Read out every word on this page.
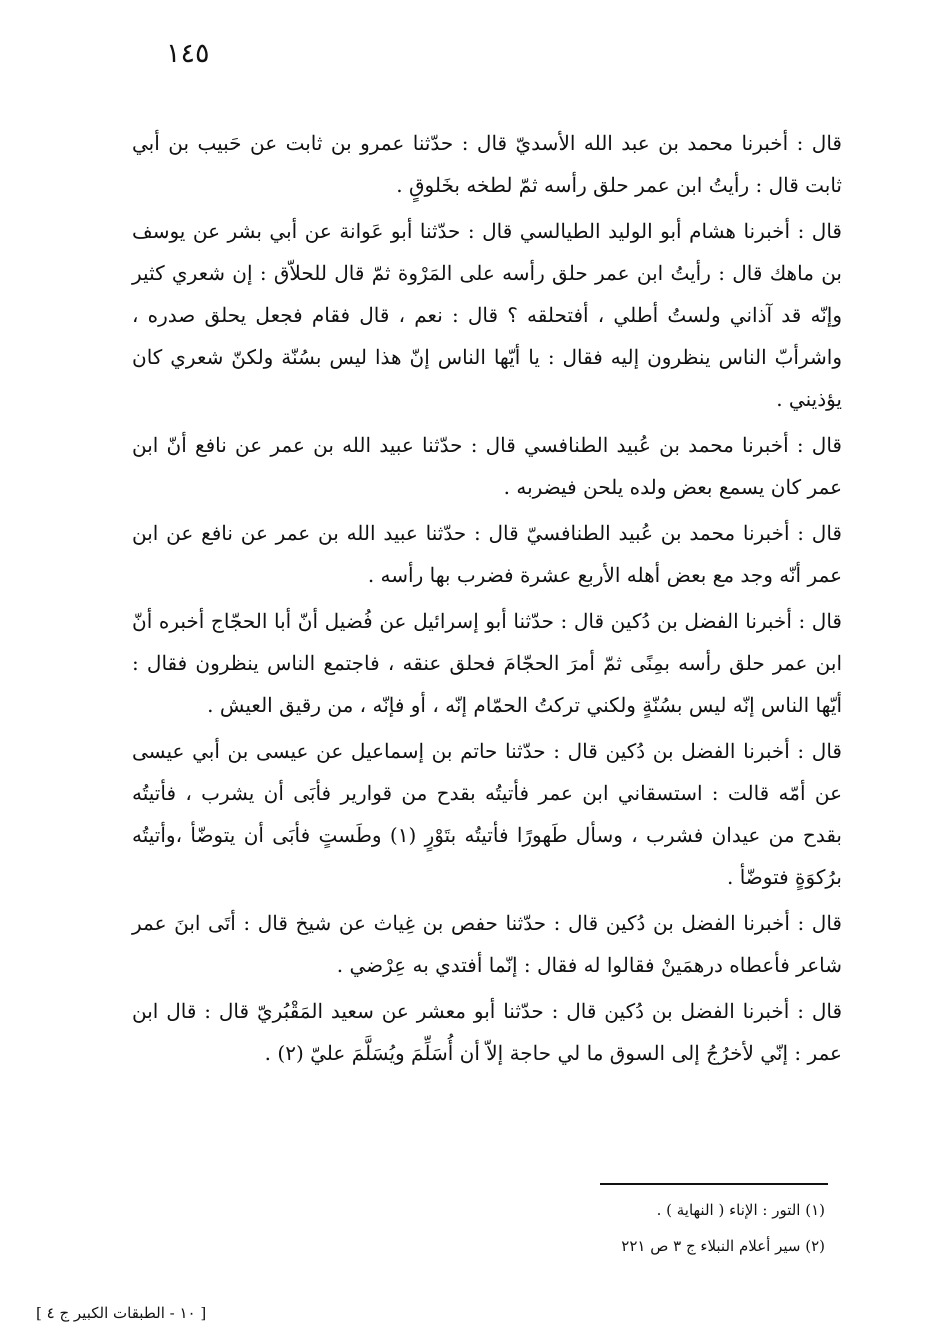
١٤٥

قال : أخبرنا محمد بن عبد الله الأسديّ قال : حدّثنا عمرو بن ثابت عن حَبيب بن أبي ثابت قال : رأيتُ ابن عمر حلق رأسه ثمّ لطخه بخَلوقٍ .

قال : أخبرنا هشام أبو الوليد الطيالسي قال : حدّثنا أبو عَوانة عن أبي بشر عن يوسف بن ماهك قال : رأيتُ ابن عمر حلق رأسه على المَرْوة ثمّ قال للحلاّق : إن شعري كثير وإنّه قد آذاني ولستُ أطلي ، أفتحلقه ؟ قال : نعم ، قال فقام فجعل يحلق صدره ، واشرأبّ الناس ينظرون إليه فقال : يا أيّها الناس إنّ هذا ليس بسُنّة ولكنّ شعري كان يؤذيني .

قال : أخبرنا محمد بن عُبيد الطنافسي قال : حدّثنا عبيد الله بن عمر عن نافع أنّ ابن عمر كان يسمع بعض ولده يلحن فيضربه .

قال : أخبرنا محمد بن عُبيد الطنافسيّ قال : حدّثنا عبيد الله بن عمر عن نافع عن ابن عمر أنّه وجد مع بعض أهله الأربع عشرة فضرب بها رأسه .

قال : أخبرنا الفضل بن دُكين قال : حدّثنا أبو إسرائيل عن فُضيل أنّ أبا الحجّاج أخبره أنّ ابن عمر حلق رأسه بمِنًى ثمّ أمرَ الحجّامَ فحلق عنقه ، فاجتمع الناس ينظرون فقال : أيّها الناس إنّه ليس بسُنّةٍ ولكني تركتُ الحمّام إنّه ، أو فإنّه ، من رقيق العيش .

قال : أخبرنا الفضل بن دُكين قال : حدّثنا حاتم بن إسماعيل عن عيسى بن أبي عيسى عن أمّه قالت : استسقاني ابن عمر فأتيتُه بقدح من قوارير فأبَى أن يشرب ، فأتيتُه بقدح من عيدان فشرب ، وسأل طَهورًا فأتيتُه بتَوْرٍ (١) وطَستٍ فأبَى أن يتوضّأ ،وأتيتُه برُكوَةٍ فتوضّأ .

قال : أخبرنا الفضل بن دُكين قال : حدّثنا حفص بن غِياث عن شيخ قال : أتَى ابنَ عمر شاعر فأعطاه درهمَينْ فقالوا له فقال : إنّما أفتدي به عِرْضي .

قال : أخبرنا الفضل بن دُكين قال : حدّثنا أبو معشر عن سعيد المَقْبُريّ قال : قال ابن عمر : إنّي لأخرُجُ إلى السوق ما لي حاجة إلاّ أن أُسَلِّمَ ويُسَلَّمَ عليّ (٢) .

(١) التور : الإناء ( النهاية ) .

(٢) سير أعلام النبلاء ج ٣ ص ٢٢١

[ ١٠ - الطبقات الكبير ج ٤ ]
